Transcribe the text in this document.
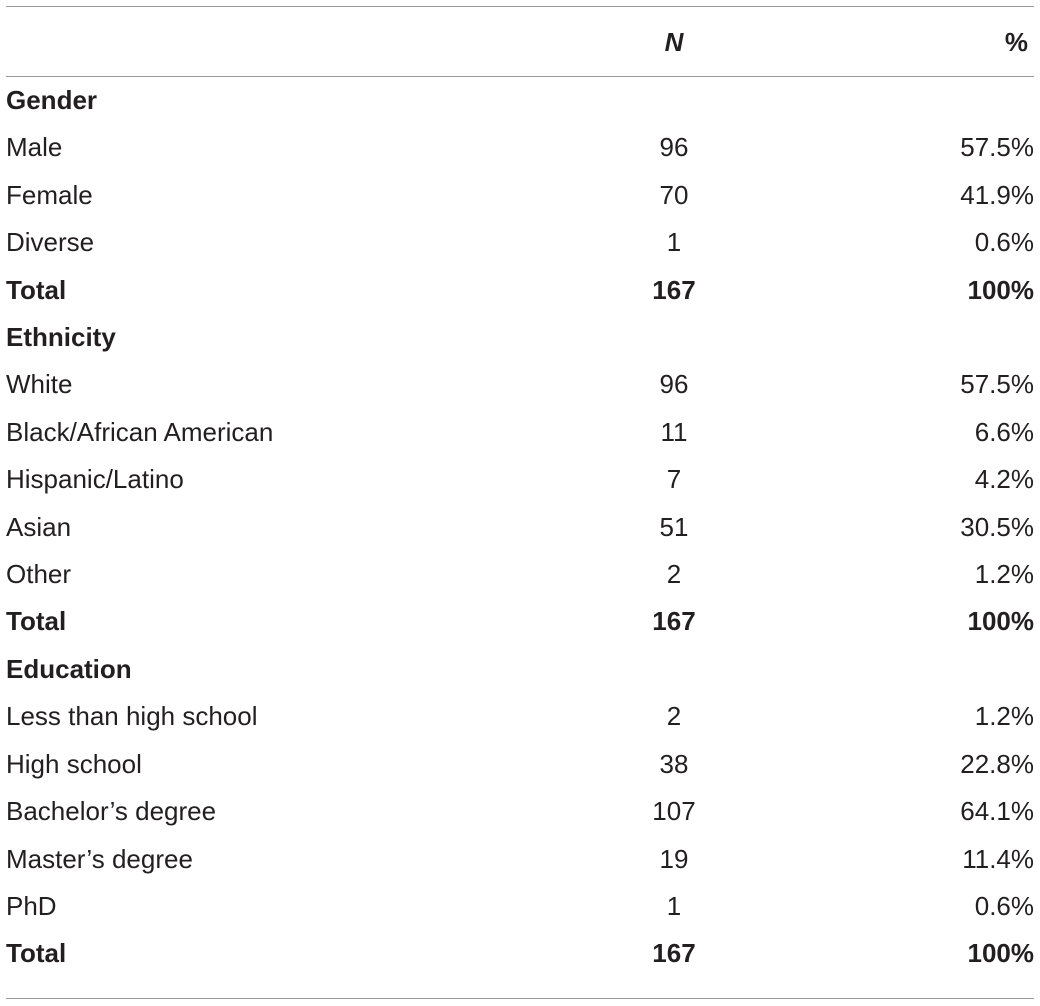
	N	%
Gender		
Male	96	57.5%
Female	70	41.9%
Diverse	1	0.6%
Total	167	100%
Ethnicity		
White	96	57.5%
Black/African American	11	6.6%
Hispanic/Latino	7	4.2%
Asian	51	30.5%
Other	2	1.2%
Total	167	100%
Education		
Less than high school	2	1.2%
High school	38	22.8%
Bachelor’s degree	107	64.1%
Master’s degree	19	11.4%
PhD	1	0.6%
Total	167	100%
